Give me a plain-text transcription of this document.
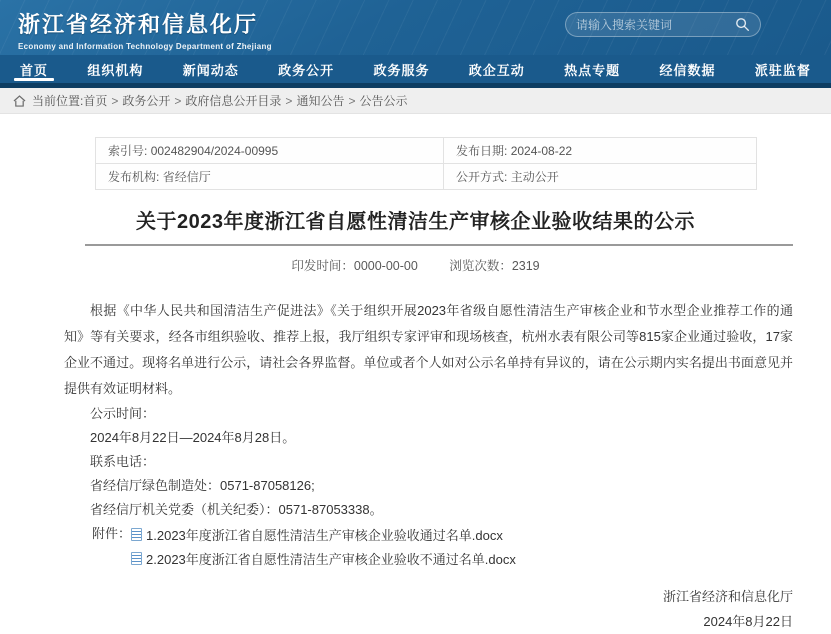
浙江省经济和信息化厅
Economy and Information Technology Department of Zhejiang
请输入搜索关键词
首页	组织机构	新闻动态	政务公开	政务服务	政企互动	热点专题	经信数据	派驻监督
当前位置: 首页 > 政务公开 > 政府信息公开目录 > 通知公告 > 公告公示
索引号: 002482904/2024-00995	发布日期: 2024-08-22
发布机构: 省经信厅	公开方式: 主动公开
关于2023年度浙江省自愿性清洁生产审核企业验收结果的公示
印发时间：0000-00-00	浏览次数：2319

根据《中华人民共和国清洁生产促进法》《关于组织开展2023年省级自愿性清洁生产审核企业和节水型企业推荐工作的通知》等有关要求，经各市组织验收、推荐上报，我厅组织专家评审和现场核查，杭州水表有限公司等815家企业通过验收，17家企业不通过。现将名单进行公示，请社会各界监督。单位或者个人如对公示名单持有异议的，请在公示期内实名提出书面意见并提供有效证明材料。

公示时间：

2024年8月22日—2024年8月28日。

联系电话：

省经信厅绿色制造处：0571-87058126;

省经信厅机关党委（机关纪委）：0571-87053338。

附件： 1.2023年度浙江省自愿性清洁生产审核企业验收通过名单.docx
2.2023年度浙江省自愿性清洁生产审核企业验收不通过名单.docx
浙江省经济和信息化厅
2024年8月22日
